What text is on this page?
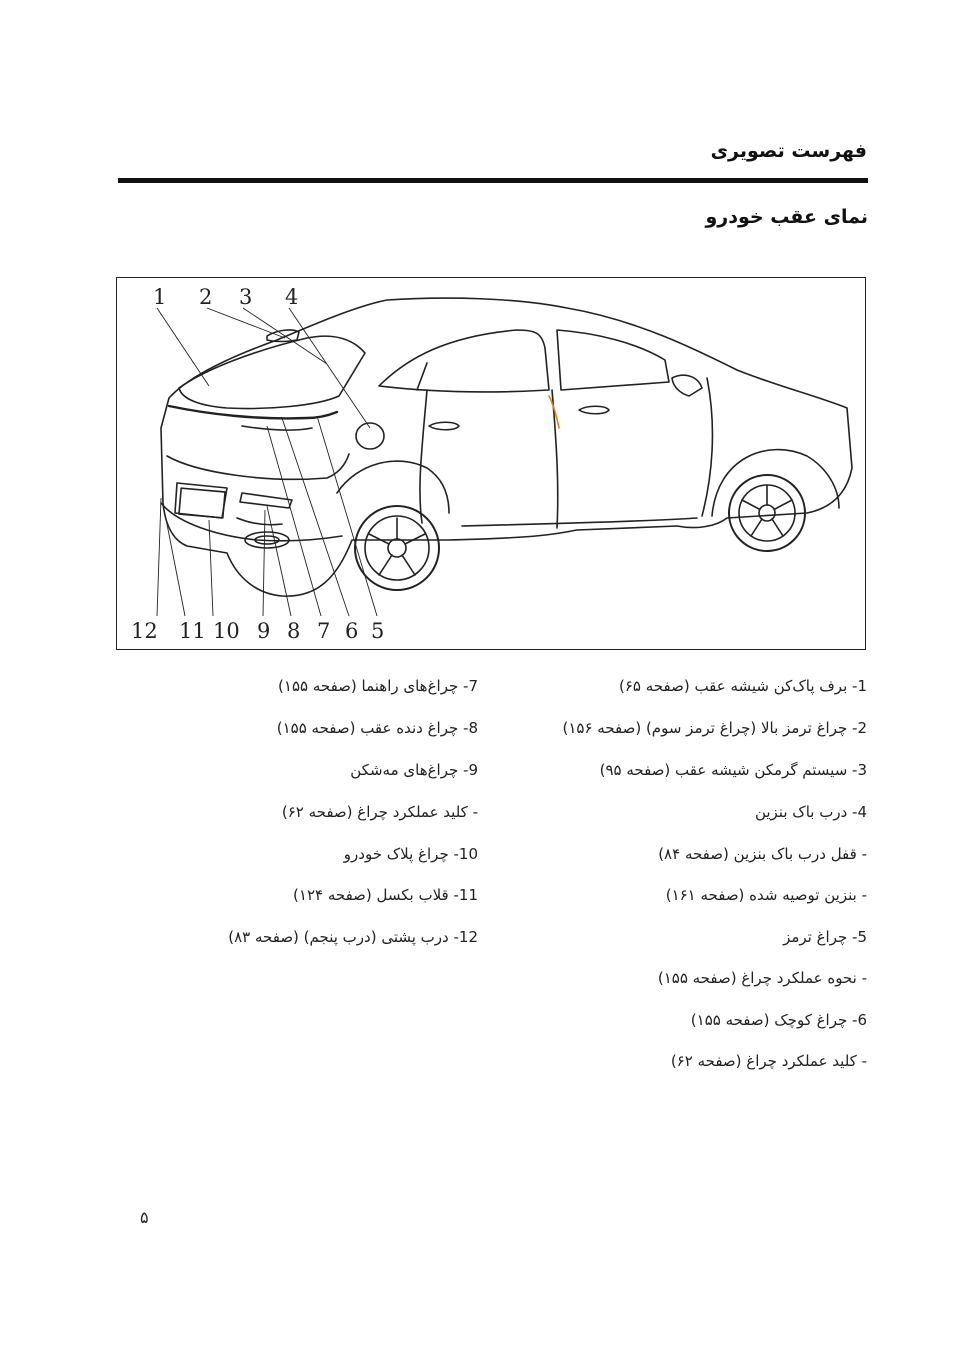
فهرست تصویری
نمای عقب خودرو
1 2 3 4
12 11 10 9 8 7 6 5
1- برف پاک‌کن شیشه عقب (صفحه ۶۵)
2- چراغ ترمز بالا (چراغ ترمز سوم) (صفحه ۱۵۶)
3- سیستم گرمکن شیشه عقب (صفحه ۹۵)
4- درب باک بنزین
- قفل درب باک بنزین (صفحه ۸۴)
- بنزین توصیه شده (صفحه ۱۶۱)
5- چراغ ترمز
- نحوه عملکرد چراغ (صفحه ۱۵۵)
6- چراغ کوچک (صفحه ۱۵۵)
- کلید عملکرد چراغ (صفحه ۶۲)
7- چراغ‌های راهنما (صفحه ۱۵۵)
8- چراغ دنده عقب (صفحه ۱۵۵)
9- چراغ‌های مه‌شکن
- کلید عملکرد چراغ (صفحه ۶۲)
10- چراغ پلاک خودرو
11- قلاب بکسل (صفحه ۱۲۴)
12- درب پشتی (درب پنجم) (صفحه ۸۳)
۵
